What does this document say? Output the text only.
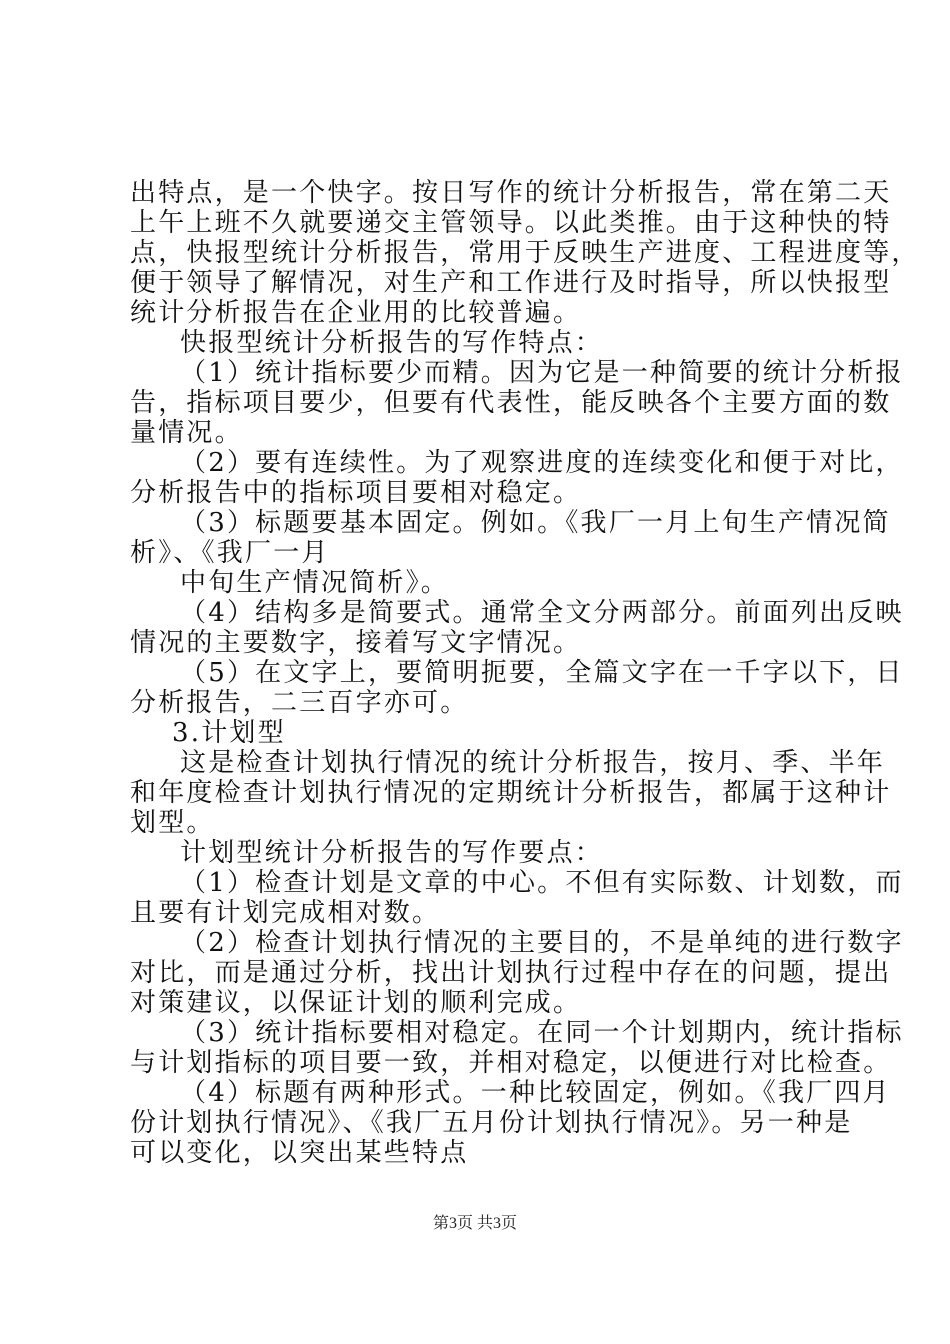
出特点，是一个快字。按日写作的统计分析报告，常在第二天
上午上班不久就要递交主管领导。以此类推。由于这种快的特
点，快报型统计分析报告，常用于反映生产进度、工程进度等，
便于领导了解情况，对生产和工作进行及时指导，所以快报型
统计分析报告在企业用的比较普遍。
快报型统计分析报告的写作特点：
（1）统计指标要少而精。因为它是一种简要的统计分析报
告，指标项目要少，但要有代表性，能反映各个主要方面的数
量情况。
（2）要有连续性。为了观察进度的连续变化和便于对比，
分析报告中的指标项目要相对稳定。
（3）标题要基本固定。例如。《我厂一月上旬生产情况简
析》、《我厂一月
中旬生产情况简析》。
（4）结构多是简要式。通常全文分两部分。前面列出反映
情况的主要数字，接着写文字情况。
（5）在文字上，要简明扼要，全篇文字在一千字以下，日
分析报告，二三百字亦可。
3.计划型
这是检查计划执行情况的统计分析报告，按月、季、半年
和年度检查计划执行情况的定期统计分析报告，都属于这种计
划型。
计划型统计分析报告的写作要点：
（1）检查计划是文章的中心。不但有实际数、计划数，而
且要有计划完成相对数。
（2）检查计划执行情况的主要目的，不是单纯的进行数字
对比，而是通过分析，找出计划执行过程中存在的问题，提出
对策建议，以保证计划的顺利完成。
（3）统计指标要相对稳定。在同一个计划期内，统计指标
与计划指标的项目要一致，并相对稳定，以便进行对比检查。
（4）标题有两种形式。一种比较固定，例如。《我厂四月
份计划执行情况》、《我厂五月份计划执行情况》。另一种是
可以变化，以突出某些特点
第3页 共3页
